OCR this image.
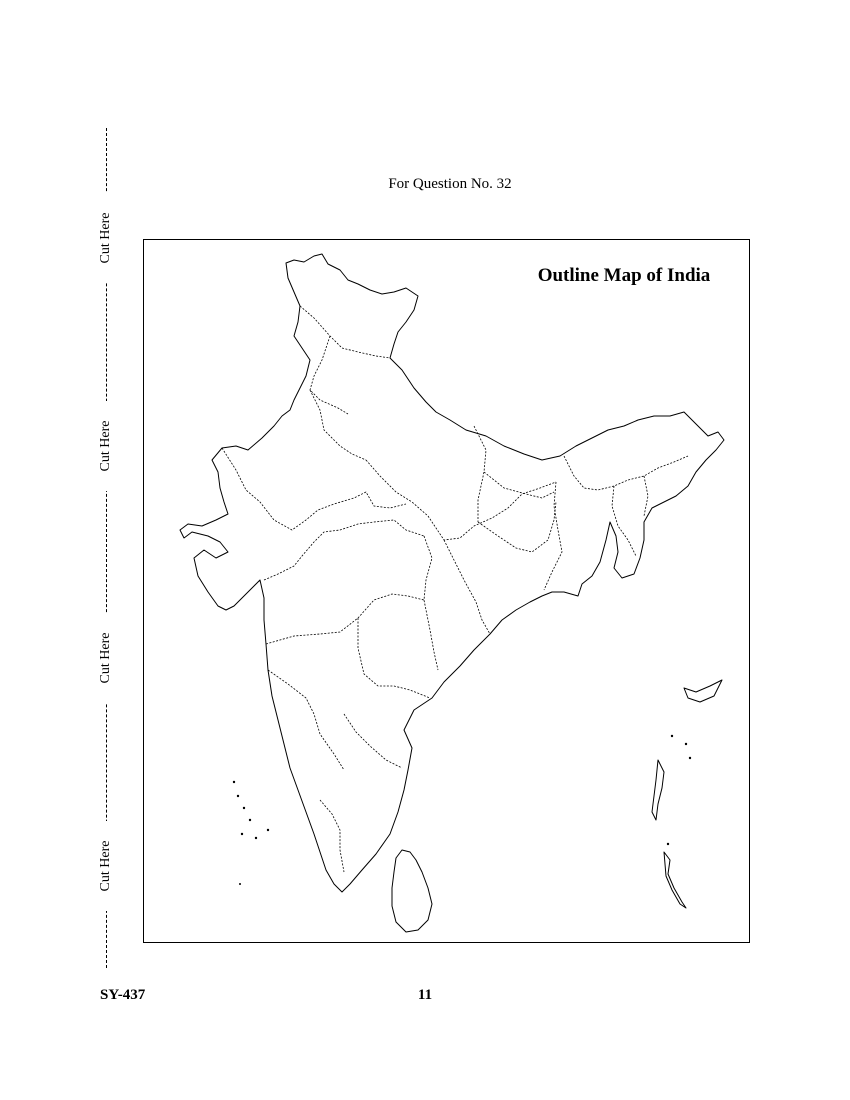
Cut Here
Cut Here
Cut Here
Cut Here
For Question No. 32
Outline Map of India
SY-437	11
